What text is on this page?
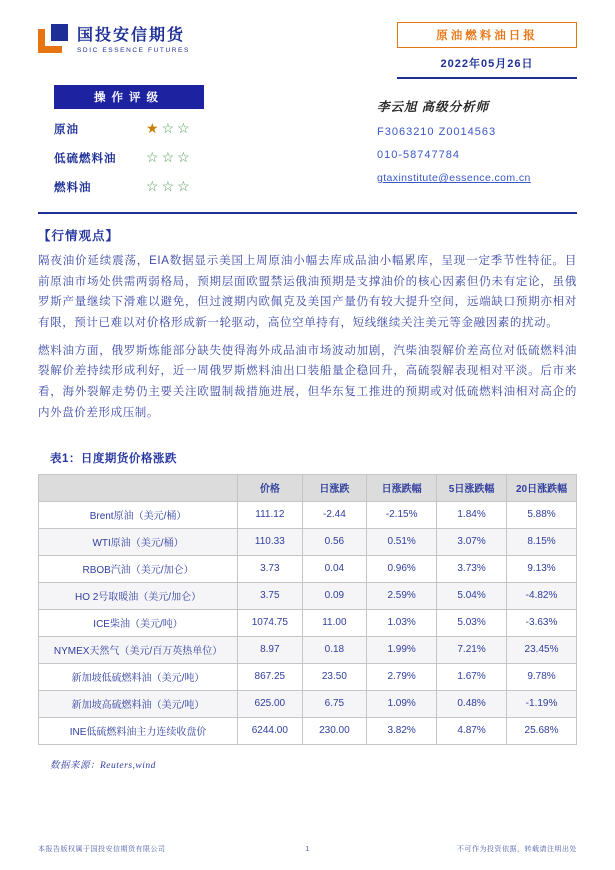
国投安信期货
SDIC ESSENCE FUTURES
原油燃料油日报
2022年05月26日
操作评级
原油	★☆☆
低硫燃料油	☆☆☆
燃料油	☆☆☆
李云旭 高级分析师
F3063210 Z0014563
010-58747784
gtaxinstitute@essence.com.cn
【行情观点】

隔夜油价延续震荡，EIA数据显示美国上周原油小幅去库成品油小幅累库，呈现一定季节性特征。目前原油市场处供需两弱格局，预期层面欧盟禁运俄油预期是支撑油价的核心因素但仍未有定论，虽俄罗斯产量继续下滑难以避免，但过渡期内欧佩克及美国产量仍有较大提升空间，远端缺口预期亦相对有限，预计已难以对价格形成新一轮驱动，高位空单持有，短线继续关注美元等金融因素的扰动。

燃料油方面，俄罗斯炼能部分缺失使得海外成品油市场波动加剧，汽柴油裂解价差高位对低硫燃料油裂解价差持续形成利好，近一周俄罗斯燃料油出口装船量企稳回升，高硫裂解表现相对平淡。后市来看，海外裂解走势仍主要关注欧盟制裁措施进展，但华东复工推进的预期或对低硫燃料油相对高企的内外盘价差形成压制。

表1：日度期货价格涨跌
	价格	日涨跌	日涨跌幅	5日涨跌幅	20日涨跌幅
Brent原油（美元/桶）	111.12	-2.44	-2.15%	1.84%	5.88%
WTI原油（美元/桶）	110.33	0.56	0.51%	3.07%	8.15%
RBOB汽油（美元/加仑）	3.73	0.04	0.96%	3.73%	9.13%
HO 2号取暖油（美元/加仑）	3.75	0.09	2.59%	5.04%	-4.82%
ICE柴油（美元/吨）	1074.75	11.00	1.03%	5.03%	-3.63%
NYMEX天然气（美元/百万英热单位）	8.97	0.18	1.99%	7.21%	23.45%
新加坡低硫燃料油（美元/吨）	867.25	23.50	2.79%	1.67%	9.78%
新加坡高硫燃料油（美元/吨）	625.00	6.75	1.09%	0.48%	-1.19%
INE低硫燃料油主力连续收盘价	6244.00	230.00	3.82%	4.87%	25.68%
数据来源：Reuters,wind
本报告版权属于国投安信期货有限公司	1	不可作为投资依据，转载请注明出处
